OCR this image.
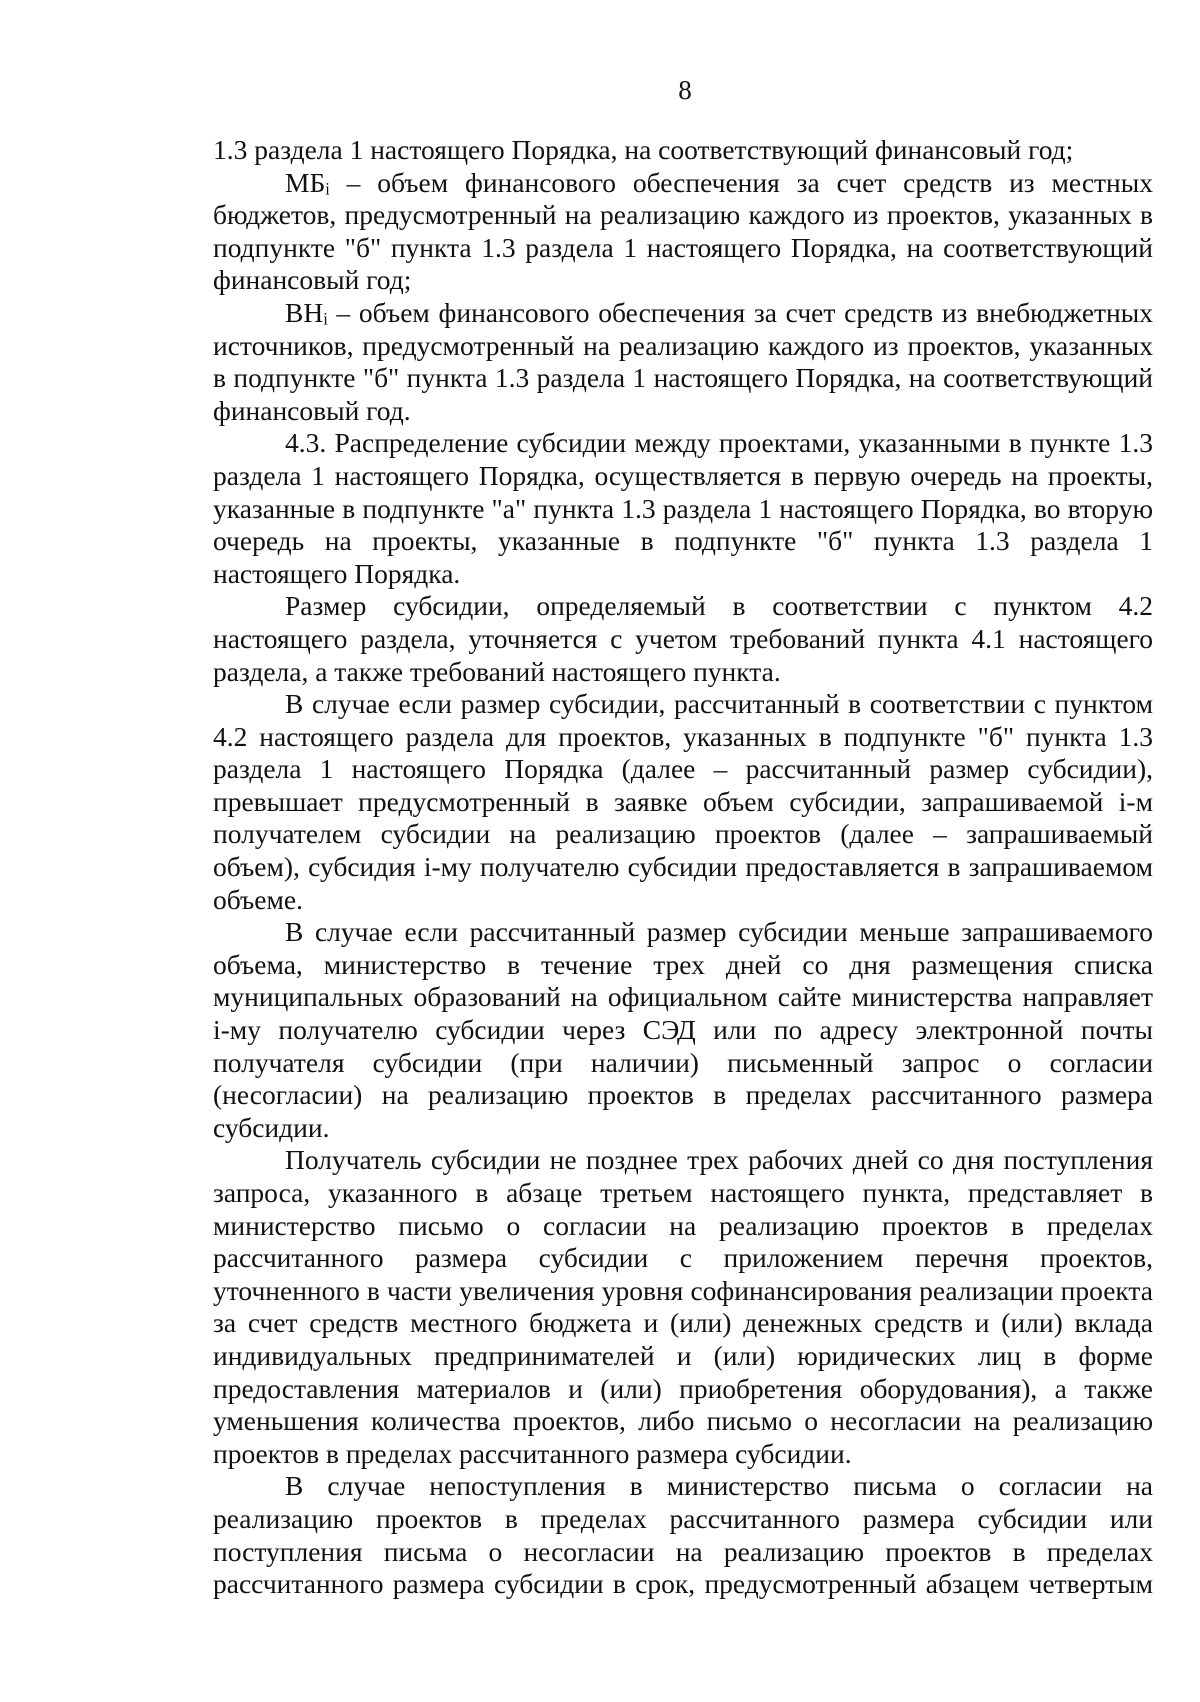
8

1.3 раздела 1 настоящего Порядка, на соответствующий финансовый год;

МБᵢ – объем финансового обеспечения за счет средств из местных бюджетов, предусмотренный на реализацию каждого из проектов, указанных в подпункте "б" пункта 1.3 раздела 1 настоящего Порядка, на соответствующий финансовый год;

ВНᵢ – объем финансового обеспечения за счет средств из внебюджетных источников, предусмотренный на реализацию каждого из проектов, указанных в подпункте "б" пункта 1.3 раздела 1 настоящего Порядка, на соответствующий финансовый год.

4.3. Распределение субсидии между проектами, указанными в пункте 1.3 раздела 1 настоящего Порядка, осуществляется в первую очередь на проекты, указанные в подпункте "а" пункта 1.3 раздела 1 настоящего Порядка, во вторую очередь на проекты, указанные в подпункте "б" пункта 1.3 раздела 1 настоящего Порядка.

Размер субсидии, определяемый в соответствии с пунктом 4.2 настоящего раздела, уточняется с учетом требований пункта 4.1 настоящего раздела, а также требований настоящего пункта.

В случае если размер субсидии, рассчитанный в соответствии с пунктом 4.2 настоящего раздела для проектов, указанных в подпункте "б" пункта 1.3 раздела 1 настоящего Порядка (далее – рассчитанный размер субсидии), превышает предусмотренный в заявке объем субсидии, запрашиваемой i-м получателем субсидии на реализацию проектов (далее – запрашиваемый объем), субсидия i-му получателю субсидии предоставляется в запрашиваемом объеме.

В случае если рассчитанный размер субсидии меньше запрашиваемого объема, министерство в течение трех дней со дня размещения списка муниципальных образований на официальном сайте министерства направляет i-му получателю субсидии через СЭД или по адресу электронной почты получателя субсидии (при наличии) письменный запрос о согласии (несогласии) на реализацию проектов в пределах рассчитанного размера субсидии.

Получатель субсидии не позднее трех рабочих дней со дня поступления запроса, указанного в абзаце третьем настоящего пункта, представляет в министерство письмо о согласии на реализацию проектов в пределах рассчитанного размера субсидии с приложением перечня проектов, уточненного в части увеличения уровня софинансирования реализации проекта за счет средств местного бюджета и (или) денежных средств и (или) вклада индивидуальных предпринимателей и (или) юридических лиц в форме предоставления материалов и (или) приобретения оборудования), а также уменьшения количества проектов, либо письмо о несогласии на реализацию проектов в пределах рассчитанного размера субсидии.

В случае непоступления в министерство письма о согласии на реализацию проектов в пределах рассчитанного размера субсидии или поступления письма о несогласии на реализацию проектов в пределах рассчитанного размера субсидии в срок, предусмотренный абзацем четвертым
